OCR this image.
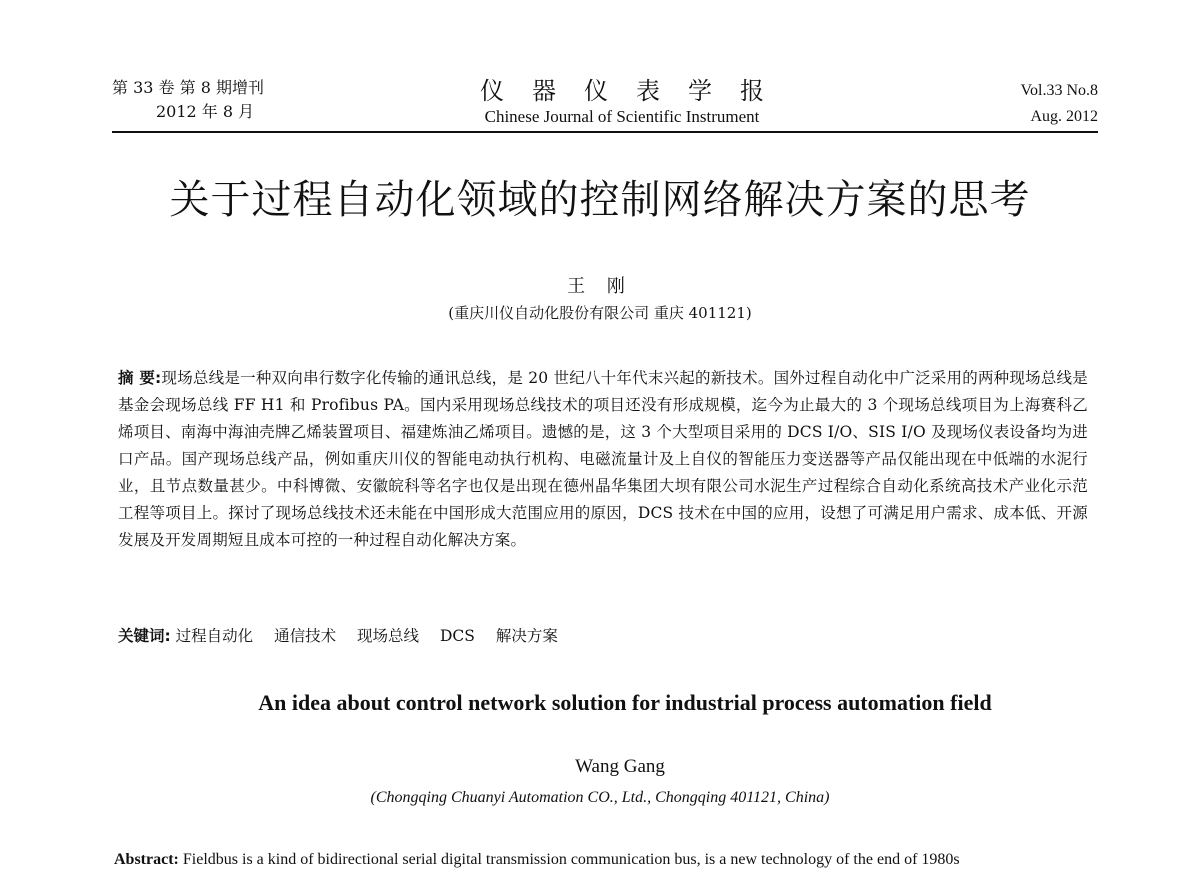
第 33 卷 第 8 期增刊
2012 年 8 月
仪器仪表学报
Chinese Journal of Scientific Instrument
Vol.33 No.8
Aug. 2012
关于过程自动化领域的控制网络解决方案的思考
王 刚
(重庆川仪自动化股份有限公司 重庆 401121)
摘 要:现场总线是一种双向串行数字化传输的通讯总线，是 20 世纪八十年代末兴起的新技术。国外过程自动化中广泛采用的两种现场总线是基金会现场总线 FF H1 和 Profibus PA。国内采用现场总线技术的项目还没有形成规模，迄今为止最大的 3 个现场总线项目为上海赛科乙烯项目、南海中海油壳牌乙烯装置项目、福建炼油乙烯项目。遗憾的是，这 3 个大型项目采用的 DCS I/O、SIS I/O 及现场仪表设备均为进口产品。国产现场总线产品，例如重庆川仪的智能电动执行机构、电磁流量计及上自仪的智能压力变送器等产品仅能出现在中低端的水泥行业，且节点数量甚少。中科博微、安徽皖科等名字也仅是出现在德州晶华集团大坝有限公司水泥生产过程综合自动化系统高技术产业化示范工程等项目上。探讨了现场总线技术还未能在中国形成大范围应用的原因，DCS 技术在中国的应用，设想了可满足用户需求、成本低、开源发展及开发周期短且成本可控的一种过程自动化解决方案。
关键词: 过程自动化 通信技术 现场总线 DCS 解决方案
An idea about control network solution for industrial process automation field
Wang Gang
(Chongqing Chuanyi Automation CO., Ltd., Chongqing 401121, China)
Abstract: Fieldbus is a kind of bidirectional serial digital transmission communication bus, is a new technology of the end of 1980s
